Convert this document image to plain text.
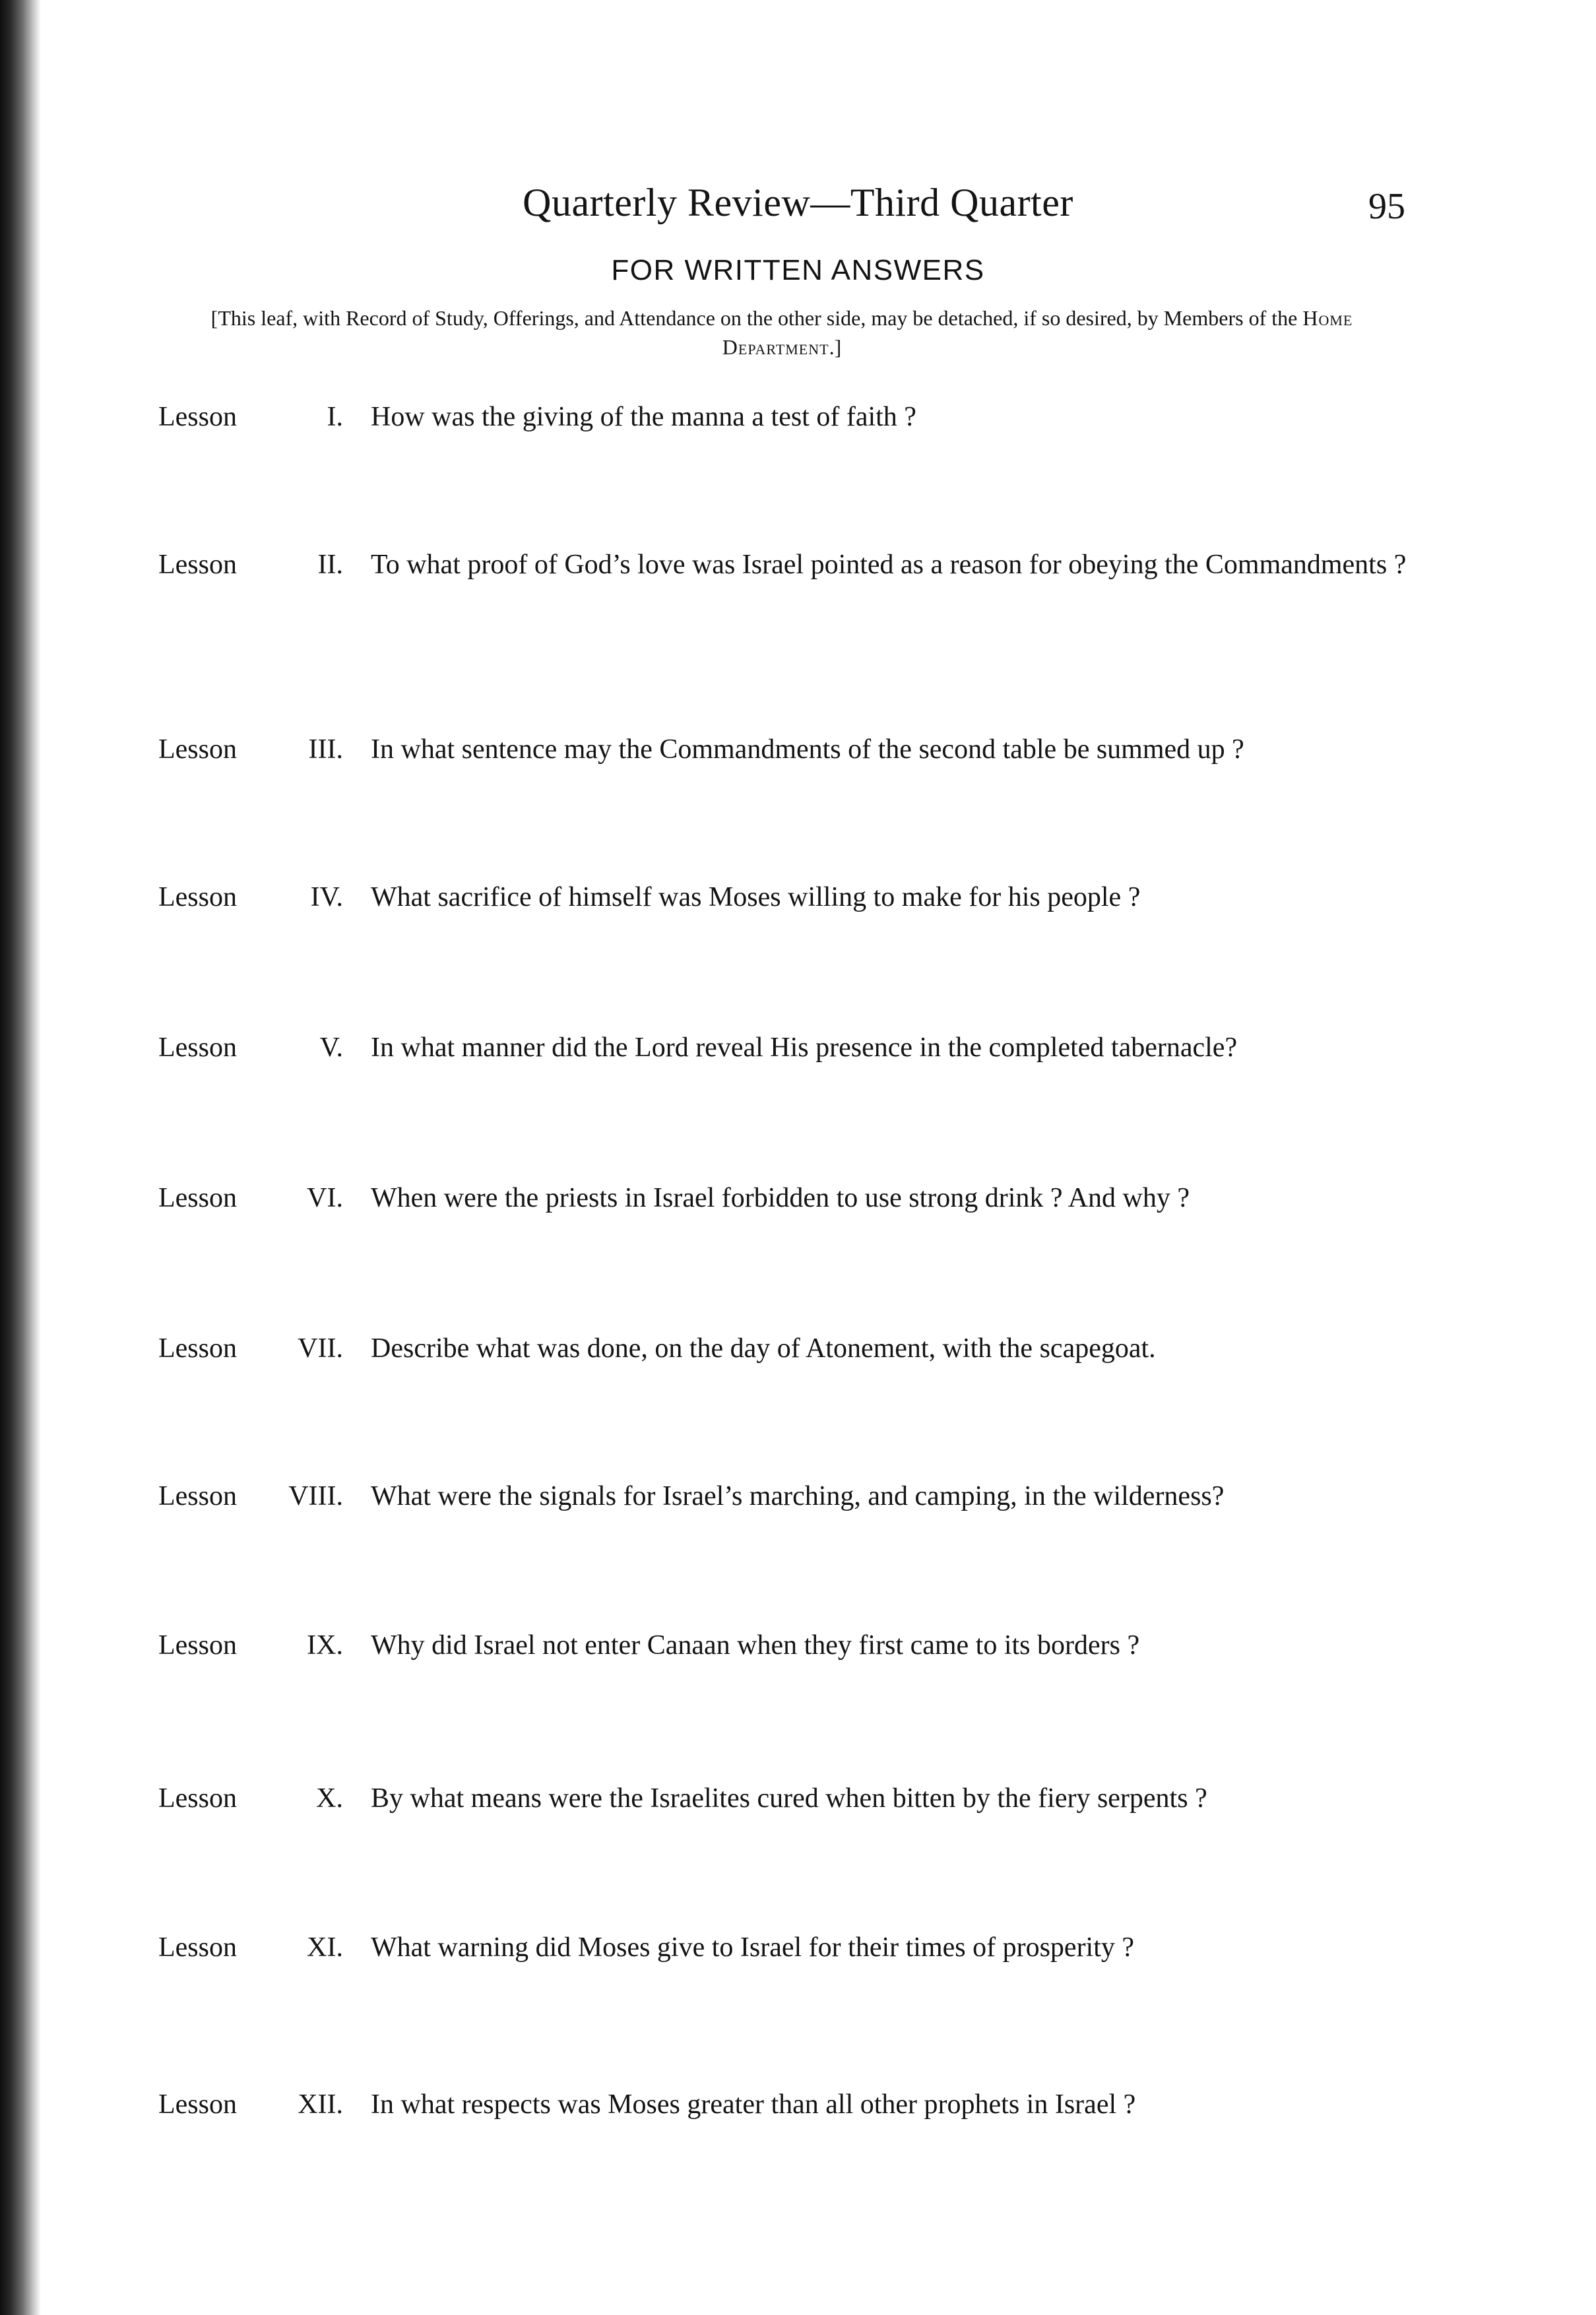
Quarterly Review—Third Quarter	95
FOR WRITTEN ANSWERS
[This leaf, with Record of Study, Offerings, and Attendance on the other side, may be detached, if so desired, by Members of the Home Department.]
Lesson	I. How was the giving of the manna a test of faith ?
Lesson	II. To what proof of God’s love was Israel pointed as a reason for obeying the Commandments ?
Lesson	III. In what sentence may the Commandments of the second table be summed up ?
Lesson	IV. What sacrifice of himself was Moses willing to make for his people ?
Lesson	V. In what manner did the Lord reveal His presence in the completed tabernacle?
Lesson	VI. When were the priests in Israel forbidden to use strong drink ? And why ?
Lesson	VII. Describe what was done, on the day of Atonement, with the scapegoat.
Lesson	VIII. What were the signals for Israel’s marching, and camping, in the wilderness?
Lesson	IX. Why did Israel not enter Canaan when they first came to its borders ?
Lesson	X. By what means were the Israelites cured when bitten by the fiery serpents ?
Lesson	XI. What warning did Moses give to Israel for their times of prosperity ?
Lesson	XII. In what respects was Moses greater than all other prophets in Israel ?
